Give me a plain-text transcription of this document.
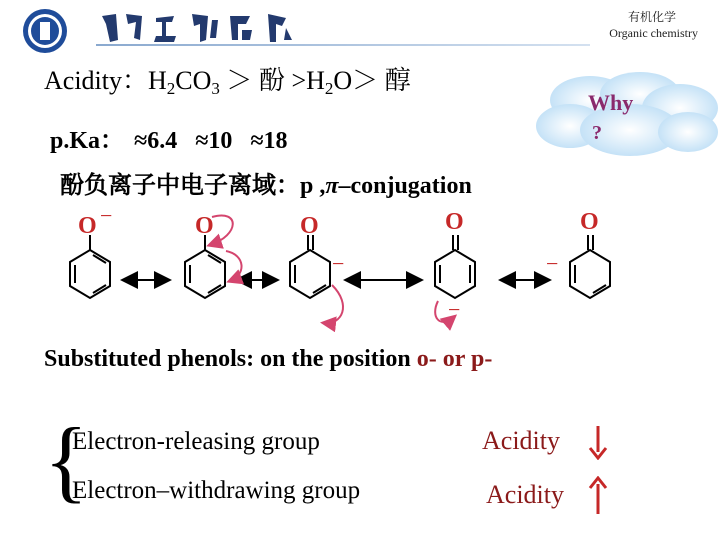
有机化学
Organic chemistry
Acidity：$H_2CO_3$ ＞ 酚 $>H_2O>$ 醇
Why
?
p.Ka： ≈6.4   ≈10   ≈18
酚负离子中电子离域：p ,π–conjugation
O	O	O	O	O
−
−
−
−
Substituted phenols: on the position o- or p-
{
Electron-releasing group
Electron–withdrawing group
Acidity
Acidity
